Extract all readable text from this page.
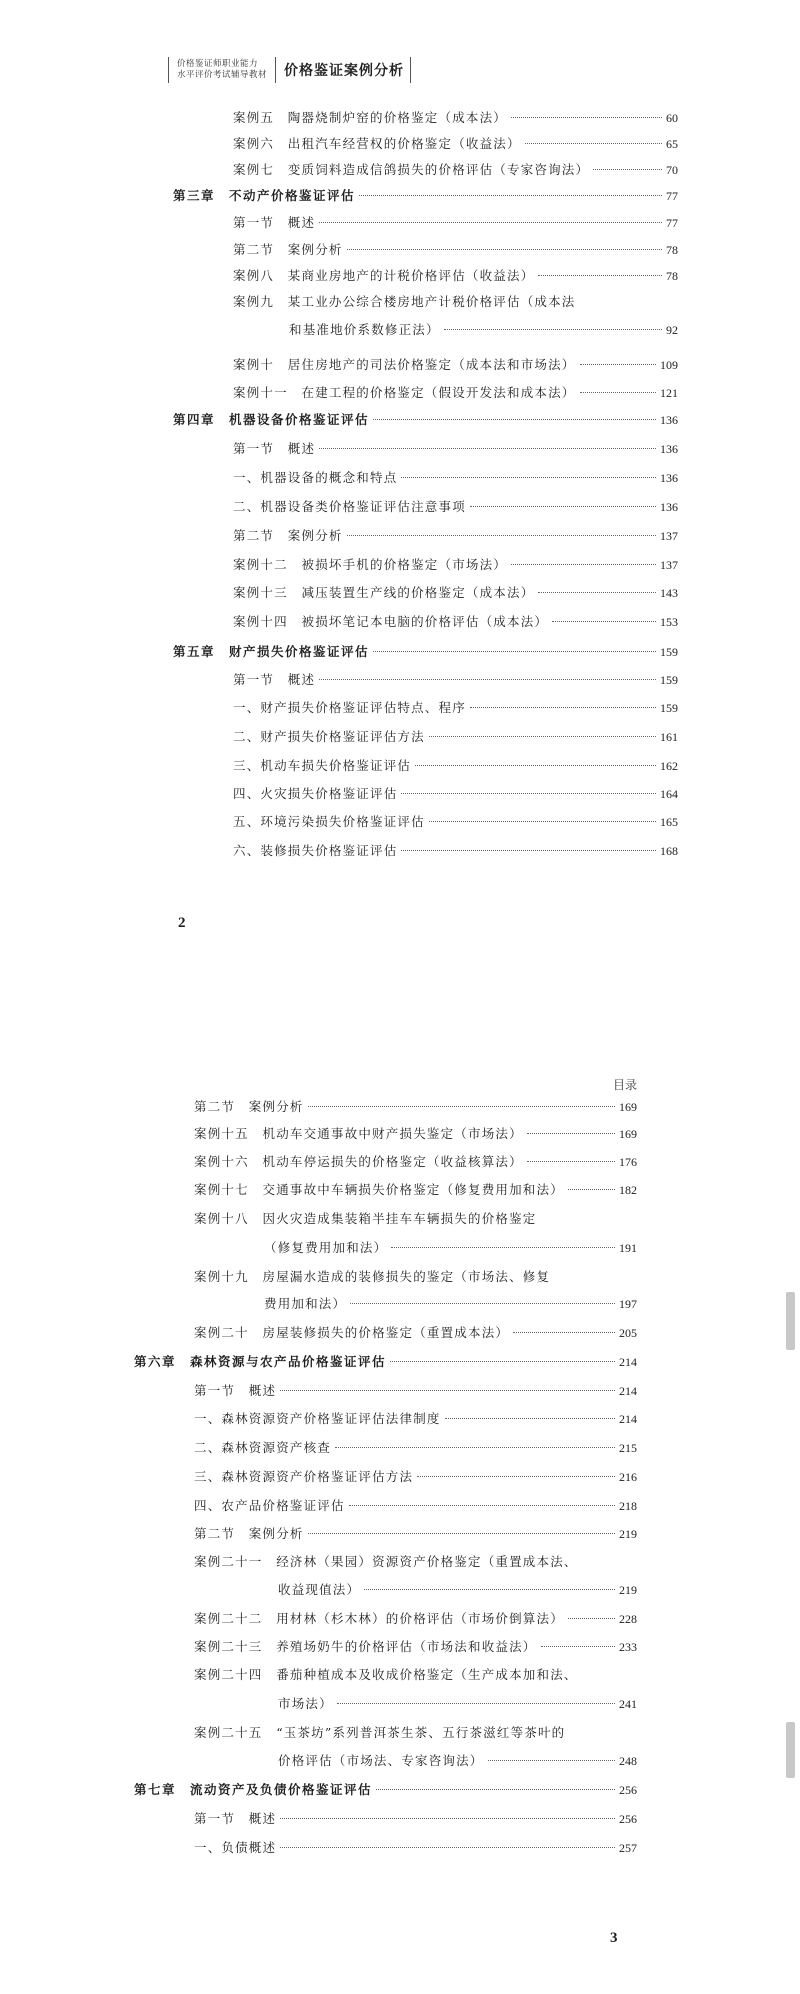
价格鉴证师职业能力
水平评价考试辅导教材 价格鉴证案例分析
案例五　陶器烧制炉窑的价格鉴定（成本法）	60
案例六　出租汽车经营权的价格鉴定（收益法）	65
案例七　变质饲料造成信鸽损失的价格评估（专家咨询法）	70
第三章　不动产价格鉴证评估	77
第一节　概述	77
第二节　案例分析	78
案例八　某商业房地产的计税价格评估（收益法）	78
案例九　某工业办公综合楼房地产计税价格评估（成本法
和基准地价系数修正法）	92
案例十　居住房地产的司法价格鉴定（成本法和市场法）	109
案例十一　在建工程的价格鉴定（假设开发法和成本法）	121
第四章　机器设备价格鉴证评估	136
第一节　概述	136
一、机器设备的概念和特点	136
二、机器设备类价格鉴证评估注意事项	136
第二节　案例分析	137
案例十二　被损坏手机的价格鉴定（市场法）	137
案例十三　减压装置生产线的价格鉴定（成本法）	143
案例十四　被损坏笔记本电脑的价格评估（成本法）	153
第五章　财产损失价格鉴证评估	159
第一节　概述	159
一、财产损失价格鉴证评估特点、程序	159
二、财产损失价格鉴证评估方法	161
三、机动车损失价格鉴证评估	162
四、火灾损失价格鉴证评估	164
五、环境污染损失价格鉴证评估	165
六、装修损失价格鉴证评估	168
2
目录
第二节　案例分析	169
案例十五　机动车交通事故中财产损失鉴定（市场法）	169
案例十六　机动车停运损失的价格鉴定（收益核算法）	176
案例十七　交通事故中车辆损失价格鉴定（修复费用加和法）	182
案例十八　因火灾造成集装箱半挂车车辆损失的价格鉴定
（修复费用加和法）	191
案例十九　房屋漏水造成的装修损失的鉴定（市场法、修复
费用加和法）	197
案例二十　房屋装修损失的价格鉴定（重置成本法）	205
第六章　森林资源与农产品价格鉴证评估	214
第一节　概述	214
一、森林资源资产价格鉴证评估法律制度	214
二、森林资源资产核查	215
三、森林资源资产价格鉴证评估方法	216
四、农产品价格鉴证评估	218
第二节　案例分析	219
案例二十一　经济林（果园）资源资产价格鉴定（重置成本法、
收益现值法）	219
案例二十二　用材林（杉木林）的价格评估（市场价倒算法）	228
案例二十三　养殖场奶牛的价格评估（市场法和收益法）	233
案例二十四　番茄种植成本及收成价格鉴定（生产成本加和法、
市场法）	241
案例二十五　“玉茶坊”系列普洱茶生茶、五行茶滋红等茶叶的
价格评估（市场法、专家咨询法）	248
第七章　流动资产及负债价格鉴证评估	256
第一节　概述	256
一、负债概述	257
3
